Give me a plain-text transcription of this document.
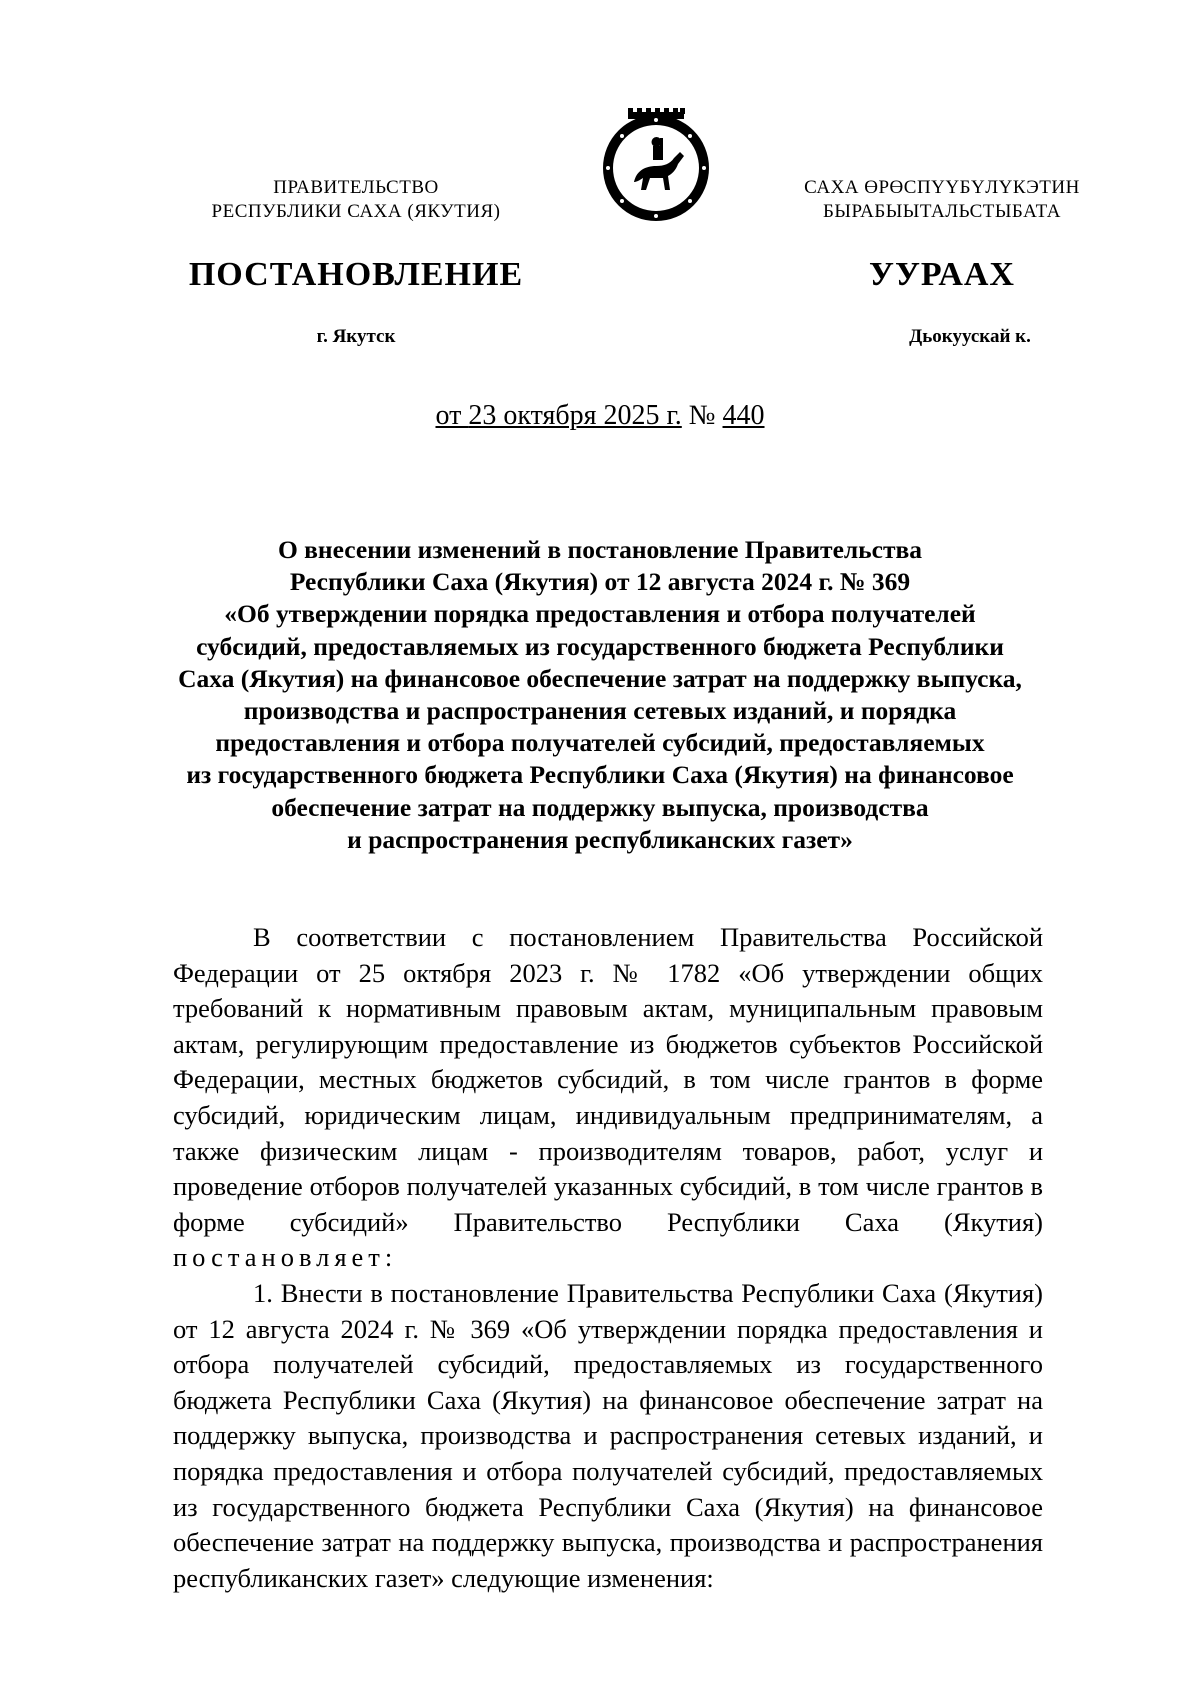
ПРАВИТЕЛЬСТВО
РЕСПУБЛИКИ САХА (ЯКУТИЯ)
САХА ӨРӨСПҮҮБҮЛҮКЭТИН
БЫРАБЫЫТАЛЬСТЫБАТА
ПОСТАНОВЛЕНИЕ	УУРААХ
г. Якутск	Дьокуускай к.
от 23 октября 2025 г. № 440
О внесении изменений в постановление Правительства
Республики Саха (Якутия) от 12 августа 2024 г. № 369
«Об утверждении порядка предоставления и отбора получателей
субсидий, предоставляемых из государственного бюджета Республики
Саха (Якутия) на финансовое обеспечение затрат на поддержку выпуска,
производства и распространения сетевых изданий, и порядка
предоставления и отбора получателей субсидий, предоставляемых
из государственного бюджета Республики Саха (Якутия) на финансовое
обеспечение затрат на поддержку выпуска, производства
и распространения республиканских газет»

В соответствии с постановлением Правительства Российской Федерации от 25 октября 2023 г. № 1782 «Об утверждении общих требований к нормативным правовым актам, муниципальным правовым актам, регулирующим предоставление из бюджетов субъектов Российской Федерации, местных бюджетов субсидий, в том числе грантов в форме субсидий, юридическим лицам, индивидуальным предпринимателям, а также физическим лицам - производителям товаров, работ, услуг и проведение отборов получателей указанных субсидий, в том числе грантов в форме субсидий» Правительство Республики Саха (Якутия) постановляет:

1. Внести в постановление Правительства Республики Саха (Якутия) от 12 августа 2024 г. № 369 «Об утверждении порядка предоставления и отбора получателей субсидий, предоставляемых из государственного бюджета Республики Саха (Якутия) на финансовое обеспечение затрат на поддержку выпуска, производства и распространения сетевых изданий, и порядка предоставления и отбора получателей субсидий, предоставляемых из государственного бюджета Республики Саха (Якутия) на финансовое обеспечение затрат на поддержку выпуска, производства и распространения республиканских газет» следующие изменения:
